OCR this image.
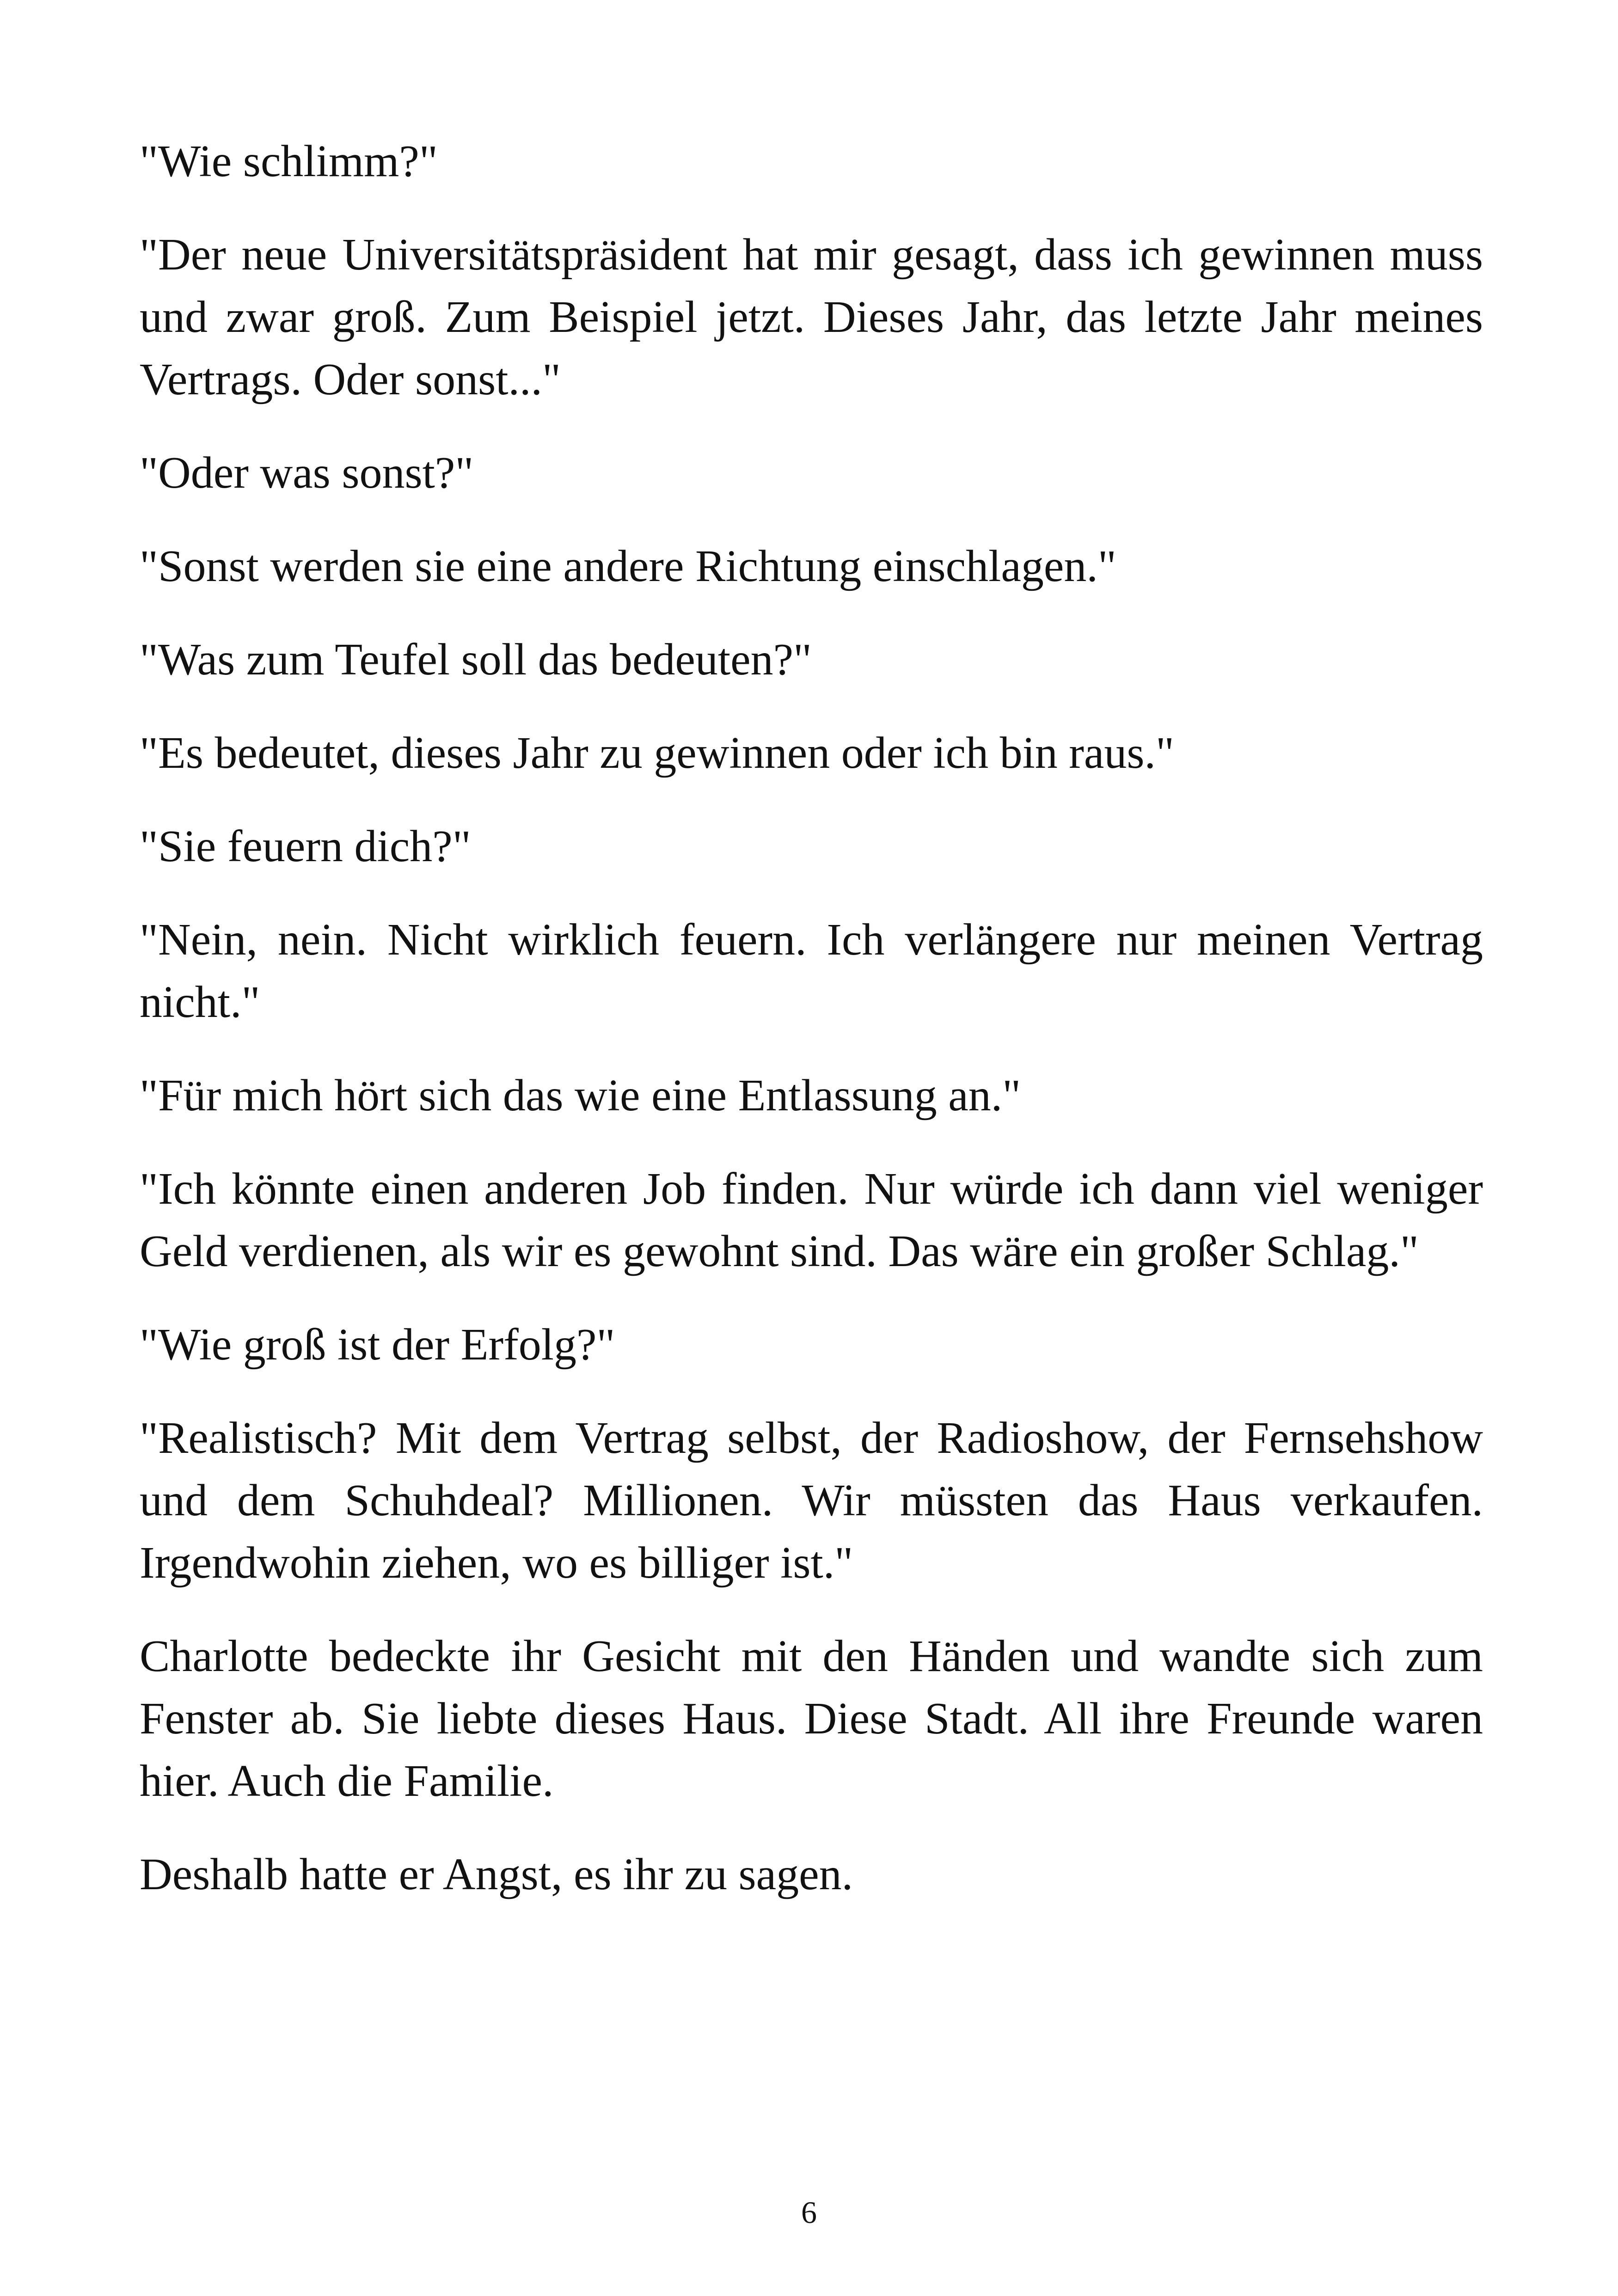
"Wie schlimm?"

"Der neue Universitätspräsident hat mir gesagt, dass ich gewinnen muss und zwar groß. Zum Beispiel jetzt. Dieses Jahr, das letzte Jahr meines Vertrags. Oder sonst..."

"Oder was sonst?"

"Sonst werden sie eine andere Richtung einschlagen."

"Was zum Teufel soll das bedeuten?"

"Es bedeutet, dieses Jahr zu gewinnen oder ich bin raus."

"Sie feuern dich?"

"Nein, nein. Nicht wirklich feuern. Ich verlängere nur meinen Vertrag nicht."

"Für mich hört sich das wie eine Entlassung an."

"Ich könnte einen anderen Job finden. Nur würde ich dann viel weniger Geld verdienen, als wir es gewohnt sind. Das wäre ein großer Schlag."

"Wie groß ist der Erfolg?"

"Realistisch? Mit dem Vertrag selbst, der Radioshow, der Fernsehshow und dem Schuhdeal? Millionen. Wir müssten das Haus verkaufen. Irgendwohin ziehen, wo es billiger ist."

Charlotte bedeckte ihr Gesicht mit den Händen und wandte sich zum Fenster ab. Sie liebte dieses Haus. Diese Stadt. All ihre Freunde waren hier. Auch die Familie.

Deshalb hatte er Angst, es ihr zu sagen.

6
